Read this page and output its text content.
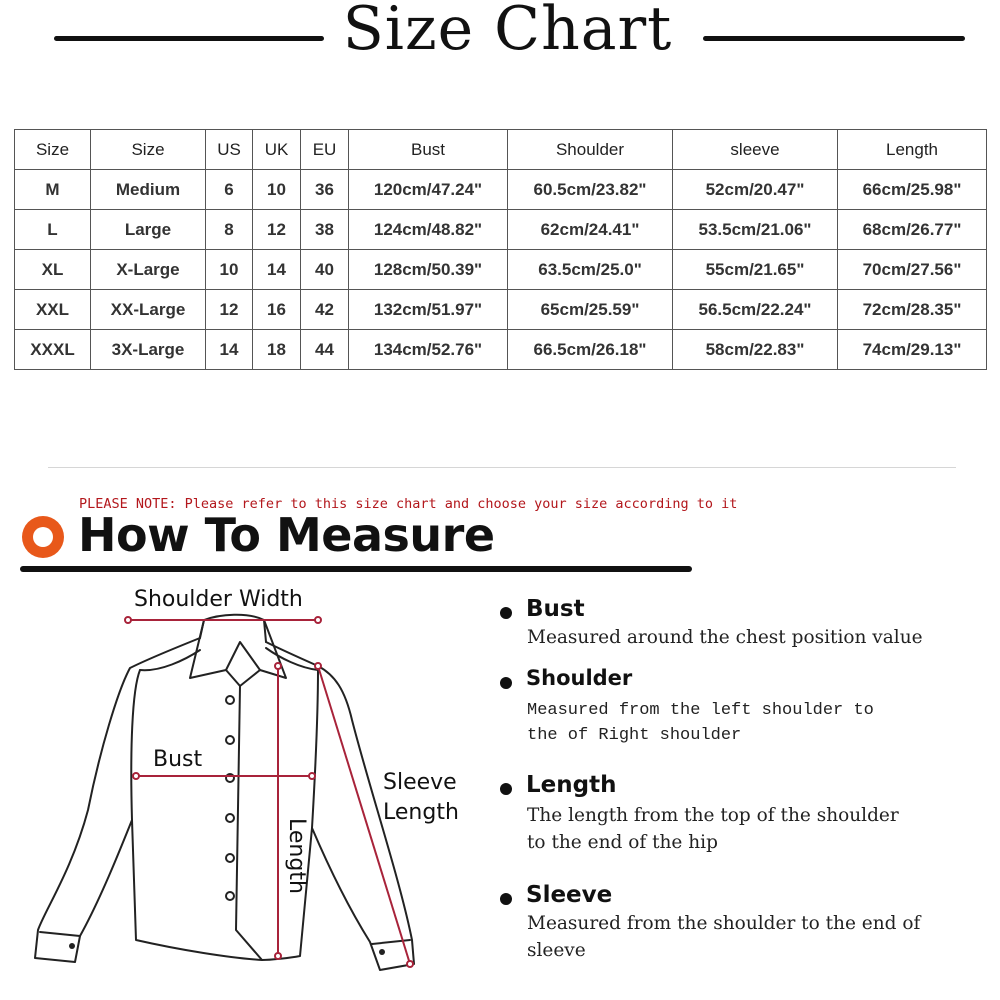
Size Chart
Size	Size	US	UK	EU	Bust	Shoulder	sleeve	Length
M	Medium	6	10	36	120cm/47.24"	60.5cm/23.82"	52cm/20.47"	66cm/25.98"
L	Large	8	12	38	124cm/48.82"	62cm/24.41"	53.5cm/21.06"	68cm/26.77"
XL	X-Large	10	14	40	128cm/50.39"	63.5cm/25.0"	55cm/21.65"	70cm/27.56"
XXL	XX-Large	12	16	42	132cm/51.97"	65cm/25.59"	56.5cm/22.24"	72cm/28.35"
XXXL	3X-Large	14	18	44	134cm/52.76"	66.5cm/26.18"	58cm/22.83"	74cm/29.13"
PLEASE NOTE: Please refer to this size chart and choose your size according to it
How To Measure
Shoulder Width
Bust
Sleeve
Length
Length
Bust
Measured around the chest position value
Shoulder
Measured from the left shoulder to the of Right shoulder
Length
The length from the top of the shoulder to the end of the hip
Sleeve
Measured from the shoulder to the end of sleeve
